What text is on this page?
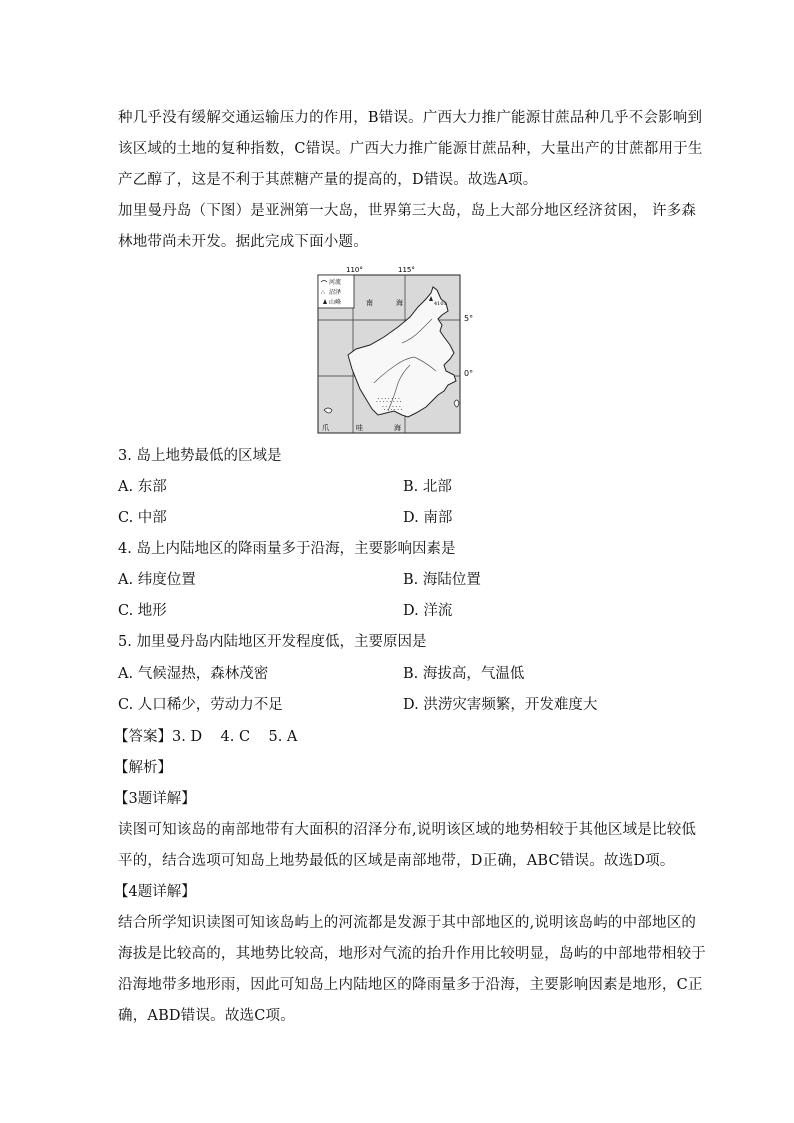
种几乎没有缓解交通运输压力的作用，B错误。广西大力推广能源甘蔗品种几乎不会影响到
该区域的土地的复种指数，C错误。广西大力推广能源甘蔗品种，大量出产的甘蔗都用于生
产乙醇了，这是不利于其蔗糖产量的提高的，D错误。故选A项。
加里曼丹岛（下图）是亚洲第一大岛，世界第三大岛，岛上大部分地区经济贫困， 许多森
林地带尚未开发。据此完成下面小题。
110°	115°
河流
∴ 沼泽
山峰
∴∵∴∵∴
∵∴∵∴
4101
南	海
爪	哇	海
5°
0°
3. 岛上地势最低的区域是
A. 东部	B. 北部
C. 中部	D. 南部
4. 岛上内陆地区的降雨量多于沿海，主要影响因素是
A. 纬度位置	B. 海陆位置
C. 地形	D. 洋流
5. 加里曼丹岛内陆地区开发程度低，主要原因是
A. 气候湿热，森林茂密	B. 海拔高，气温低
C. 人口稀少，劳动力不足	D. 洪涝灾害频繁，开发难度大
【答案】3. D    4. C    5. A
【解析】
【3题详解】
读图可知该岛的南部地带有大面积的沼泽分布,说明该区域的地势相较于其他区域是比较低
平的，结合选项可知岛上地势最低的区域是南部地带，D正确，ABC错误。故选D项。
【4题详解】
结合所学知识读图可知该岛屿上的河流都是发源于其中部地区的,说明该岛屿的中部地区的
海拔是比较高的，其地势比较高，地形对气流的抬升作用比较明显，岛屿的中部地带相较于
沿海地带多地形雨，因此可知岛上内陆地区的降雨量多于沿海，主要影响因素是地形，C正
确，ABD错误。故选C项。
